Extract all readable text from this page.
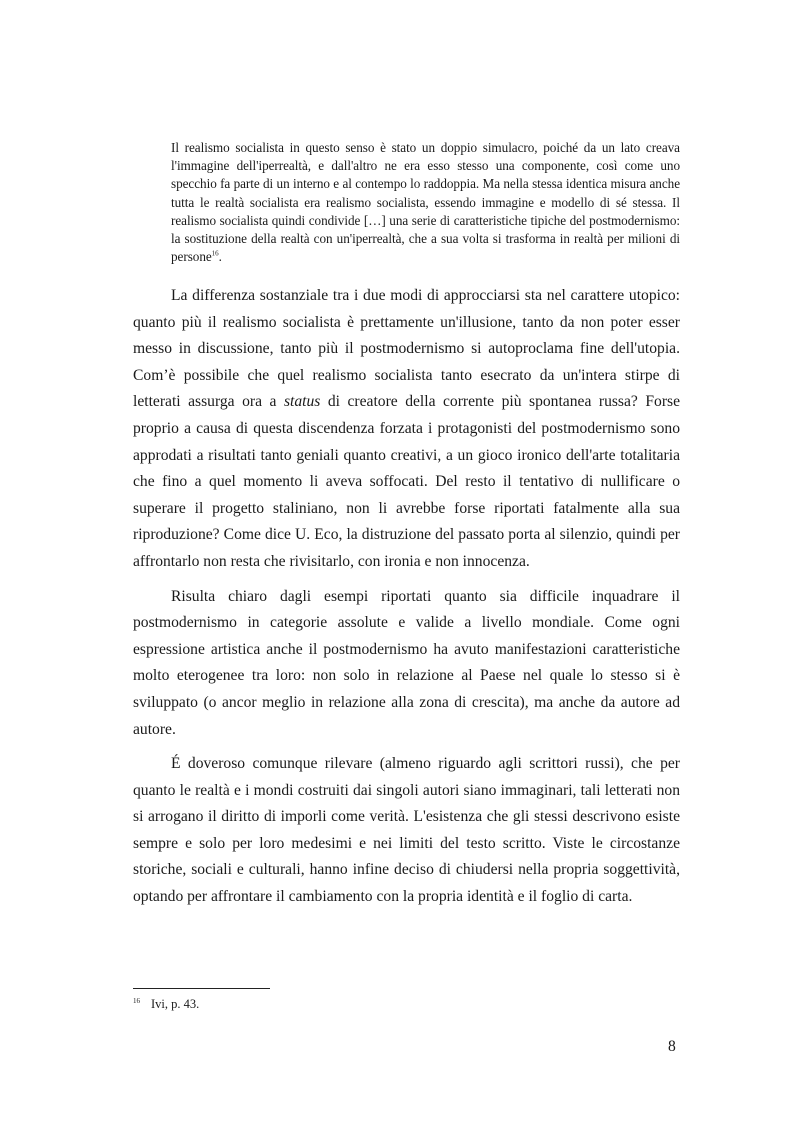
Il realismo socialista in questo senso è stato un doppio simulacro, poiché da un lato creava l'immagine dell'iperrealtà, e dall'altro ne era esso stesso una componente, così come uno specchio fa parte di un interno e al contempo lo raddoppia. Ma nella stessa identica misura anche tutta le realtà socialista era realismo socialista, essendo immagine e modello di sé stessa. Il realismo socialista quindi condivide […] una serie di caratteristiche tipiche del postmodernismo: la sostituzione della realtà con un'iperrealtà, che a sua volta si trasforma in realtà per milioni di persone$^{16}$.

La differenza sostanziale tra i due modi di approcciarsi sta nel carattere utopico: quanto più il realismo socialista è prettamente un'illusione, tanto da non poter esser messo in discussione, tanto più il postmodernismo si autoproclama fine dell'utopia. Com’è possibile che quel realismo socialista tanto esecrato da un'intera stirpe di letterati assurga ora a status di creatore della corrente più spontanea russa? Forse proprio a causa di questa discendenza forzata i protagonisti del postmodernismo sono approdati a risultati tanto geniali quanto creativi, a un gioco ironico dell'arte totalitaria che fino a quel momento li aveva soffocati. Del resto il tentativo di nullificare o superare il progetto staliniano, non li avrebbe forse riportati fatalmente alla sua riproduzione? Come dice U. Eco, la distruzione del passato porta al silenzio, quindi per affrontarlo non resta che rivisitarlo, con ironia e non innocenza.

Risulta chiaro dagli esempi riportati quanto sia difficile inquadrare il postmodernismo in categorie assolute e valide a livello mondiale. Come ogni espressione artistica anche il postmodernismo ha avuto manifestazioni caratteristiche molto eterogenee tra loro: non solo in relazione al Paese nel quale lo stesso si è sviluppato (o ancor meglio in relazione alla zona di crescita), ma anche da autore ad autore.

É doveroso comunque rilevare (almeno riguardo agli scrittori russi), che per quanto le realtà e i mondi costruiti dai singoli autori siano immaginari, tali letterati non si arrogano il diritto di imporli come verità. L'esistenza che gli stessi descrivono esiste sempre e solo per loro medesimi e nei limiti del testo scritto. Viste le circostanze storiche, sociali e culturali, hanno infine deciso di chiudersi nella propria soggettività, optando per affrontare il cambiamento con la propria identità e il foglio di carta.

16 Ivi, p. 43.
8
